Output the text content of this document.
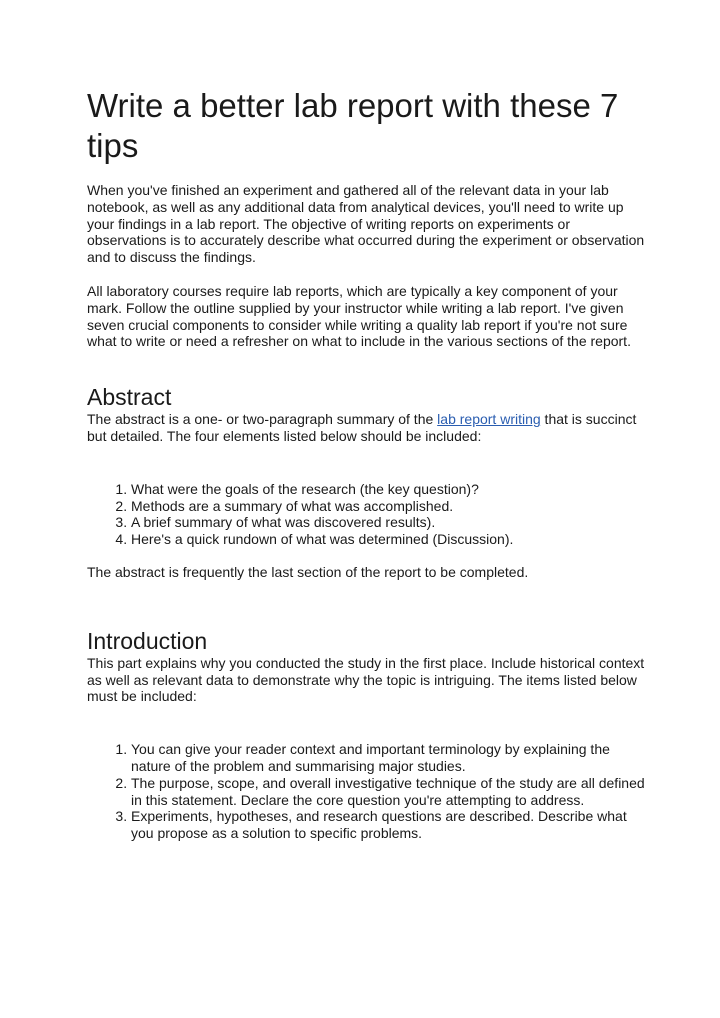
Write a better lab report with these 7 tips

When you've finished an experiment and gathered all of the relevant data in your lab notebook, as well as any additional data from analytical devices, you'll need to write up your findings in a lab report. The objective of writing reports on experiments or observations is to accurately describe what occurred during the experiment or observation and to discuss the findings.

All laboratory courses require lab reports, which are typically a key component of your mark. Follow the outline supplied by your instructor while writing a lab report. I've given seven crucial components to consider while writing a quality lab report if you're not sure what to write or need a refresher on what to include in the various sections of the report.

Abstract

The abstract is a one- or two-paragraph summary of the lab report writing that is succinct but detailed. The four elements listed below should be included:

1. What were the goals of the research (the key question)?
2. Methods are a summary of what was accomplished.
3. A brief summary of what was discovered results).
4. Here's a quick rundown of what was determined (Discussion).

The abstract is frequently the last section of the report to be completed.

Introduction

This part explains why you conducted the study in the first place. Include historical context as well as relevant data to demonstrate why the topic is intriguing. The items listed below must be included:

1. You can give your reader context and important terminology by explaining the nature of the problem and summarising major studies.
2. The purpose, scope, and overall investigative technique of the study are all defined in this statement. Declare the core question you're attempting to address.
3. Experiments, hypotheses, and research questions are described. Describe what you propose as a solution to specific problems.
